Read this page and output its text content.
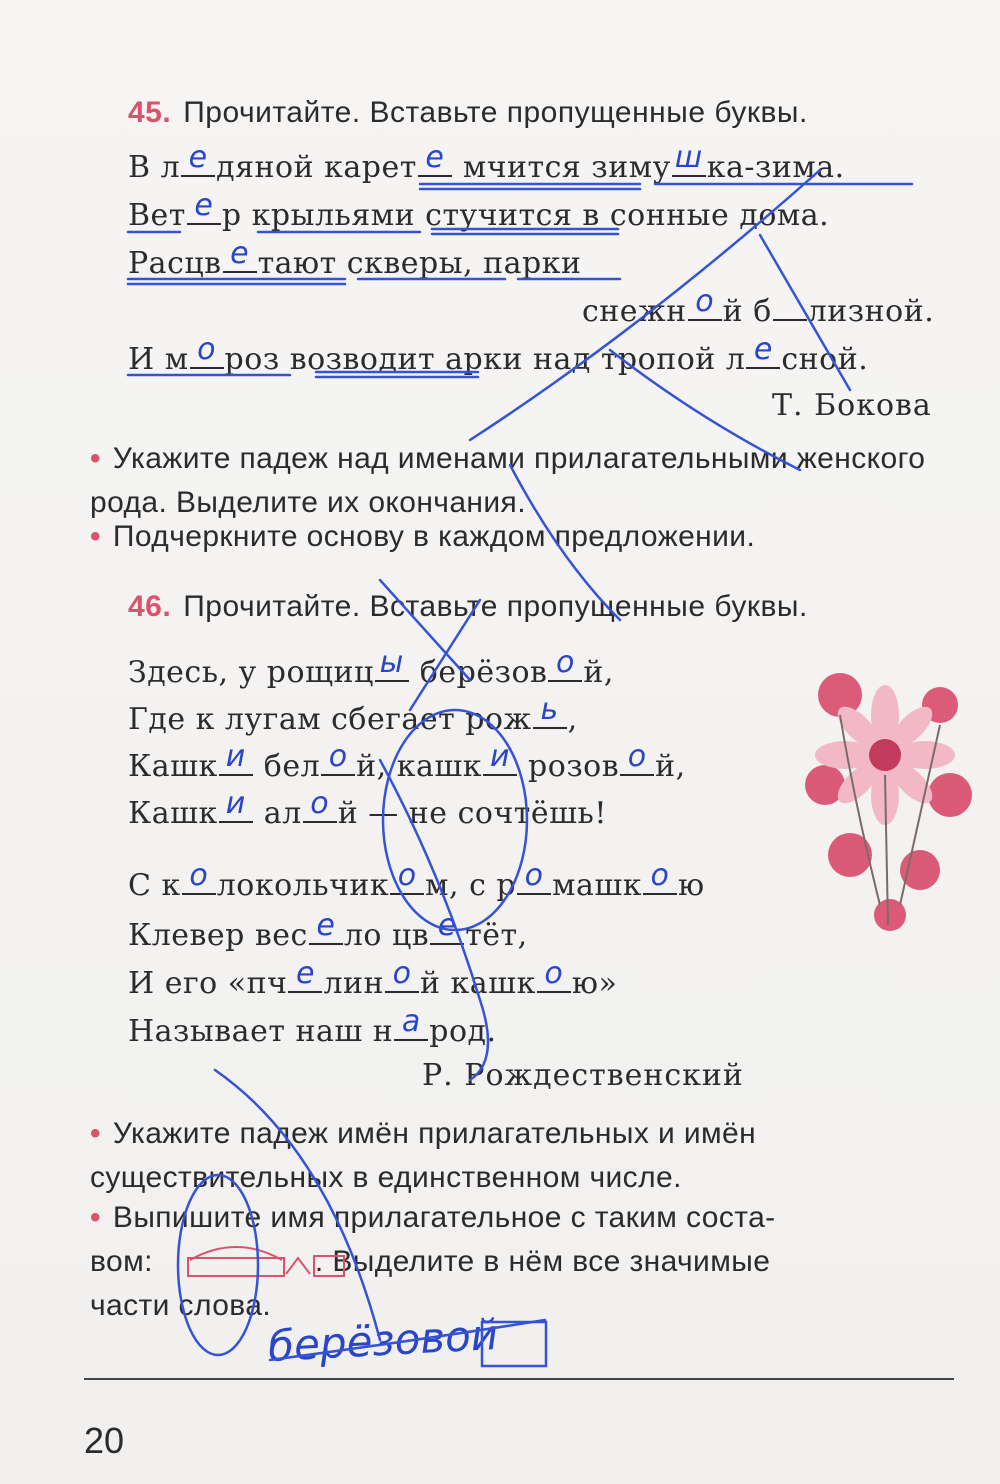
45. Прочитайте. Вставьте пропущенные буквы.
В л е дяной карет е мчится зиму ш ка-зима.
Вет е р крыльями стучится в сонные дома.
Расцв е тают скверы, парки
снежн о й б лизной.
И м о роз возводит арки над тропой л е сной.
Т. Бокова
• Укажите падеж над именами прилагательными женского рода. Выделите их окончания.
• Подчеркните основу в каждом предложении.
46. Прочитайте. Вставьте пропущенные буквы.
Здесь, у рощиц ы берёзов о й,
Где к лугам сбегает рож ь ,
Кашк и бел о й, кашк и розов о й,
Кашк и ал о й — не сочтёшь!
С к о локольчик о м, с р о машк о ю
Клевер вес е ло цв е тёт,
И его «пч е лин о й кашк о ю»
Называет наш н а род.
Р. Рождественский
• Укажите падеж имён прилагательных и имён существительных в единственном числе.
• Выпишите имя прилагательное с таким соста-
вом:	. Выделите в нём все значимые
части слова.
берёзовой
20
